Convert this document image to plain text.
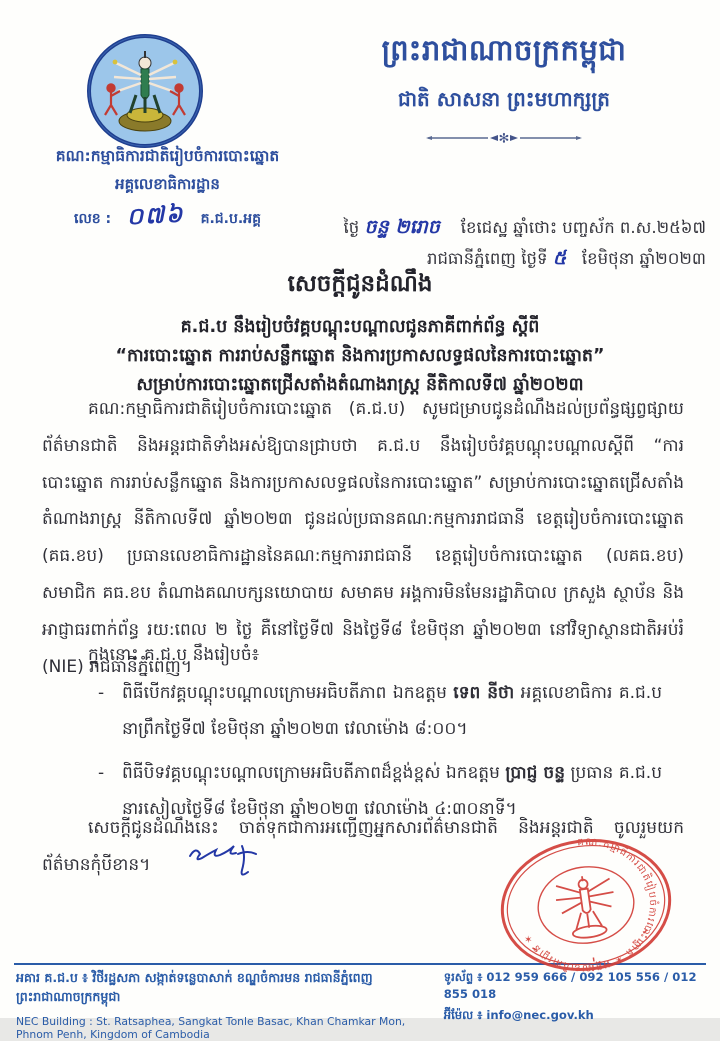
ព្រះរាជាណាចក្រកម្ពុជា
ជាតិ សាសនា ព្រះមហាក្សត្រ
✻
គណ:កម្មាធិការជាតិរៀបចំការបោះឆ្នោត
អគ្គលេខាធិការដ្ឋាន
លេខ : ០៧៦ គ.ជ.ប.អគ្គ	ថ្ងៃ ចន្ទ ២រោច ខែជេស្ឋ ឆ្នាំថោះ បញ្ចស័ក ព.ស.២៥៦៧
រាជធានីភ្នំពេញ ថ្ងៃទី ៥ ខែមិថុនា ឆ្នាំ២០២៣
សេចក្តីជូនដំណឹង
គ.ជ.ប នឹងរៀបចំវគ្គបណ្តុះបណ្តាលជូនភាគីពាក់ព័ន្ធ ស្តីពី
“ការបោះឆ្នោត ការរាប់សន្លឹកឆ្នោត និងការប្រកាសលទ្ធផលនៃការបោះឆ្នោត”
សម្រាប់ការបោះឆ្នោតជ្រើសតាំងតំណាងរាស្ត្រ នីតិកាលទី៧ ឆ្នាំ២០២៣
គណ:កម្មាធិការជាតិរៀបចំការបោះឆ្នោត (គ.ជ.ប) សូមជម្រាបជូនដំណឹងដល់ប្រព័ន្ធផ្សព្វផ្សាយព័ត៌មានជាតិ និងអន្តរជាតិទាំងអស់ឱ្យបានជ្រាបថា គ.ជ.ប នឹងរៀបចំវគ្គបណ្តុះបណ្តាលស្តីពី “ការបោះឆ្នោត ការរាប់សន្លឹកឆ្នោត និងការប្រកាសលទ្ធផលនៃការបោះឆ្នោត” សម្រាប់ការបោះឆ្នោតជ្រើសតាំងតំណាងរាស្ត្រ នីតិកាលទី៧ ឆ្នាំ២០២៣ ជូនដល់ប្រធានគណ:កម្មការរាជធានី ខេត្តរៀបចំការបោះឆ្នោត (គធ.ខប) ប្រធានលេខាធិការដ្ឋាននៃគណ:កម្មការរាជធានី ខេត្តរៀបចំការបោះឆ្នោត (លគធ.ខប) សមាជិក គធ.ខប តំណាងគណបក្សនយោបាយ សមាគម អង្គការមិនមែនរដ្ឋាភិបាល ក្រសួង ស្ថាប័ន និងអាជ្ញាធរពាក់ព័ន្ធ រយ:ពេល ២ ថ្ងៃ គឺនៅថ្ងៃទី៧ និងថ្ងៃទី៨ ខែមិថុនា ឆ្នាំ២០២៣ នៅវិទ្យាស្ថានជាតិអប់រំ (NIE) រាជធានីភ្នំពេញ។
ក្នុងនោះ គ.ជ.ប នឹងរៀបចំ៖
- ពិធីបើកវគ្គបណ្តុះបណ្តាលក្រោមអធិបតីភាព ឯកឧត្តម ទេព នីថា អគ្គលេខាធិការ គ.ជ.ប នាព្រឹកថ្ងៃទី៧ ខែមិថុនា ឆ្នាំ២០២៣ វេលាម៉ោង ៨:០០។
- ពិធីបិទវគ្គបណ្តុះបណ្តាលក្រោមអធិបតីភាពដ៏ខ្ពង់ខ្ពស់ ឯកឧត្តម ប្រាជ្ញ ចន្ទ ប្រធាន គ.ជ.ប នារសៀលថ្ងៃទី៨ ខែមិថុនា ឆ្នាំ២០២៣ វេលាម៉ោង ៤:៣០នាទី។
សេចក្តីជូនដំណឹងនេះ ចាត់ទុកជាការអញ្ជើញអ្នកសារព័ត៌មានជាតិ និងអន្តរជាតិ ចូលរួមយកព័ត៌មានកុំបីខាន។
គណ:កម្មាធិការជាតិរៀបចំការបោះឆ្នោត ✶ អគ្គលេខាធិការដ្ឋាន ✶
អគារ គ.ជ.ប ៖ វិថីរដ្ឋសភា សង្កាត់ទន្លេបាសាក់ ខណ្ឌចំការមន រាជធានីភ្នំពេញ ព្រះរាជាណាចក្រកម្ពុជា
NEC Building : St. Ratsaphea, Sangkat Tonle Basac, Khan Chamkar Mon, Phnom Penh, Kingdom of Cambodia
ទូរស័ព្ទ ៖ 012 959 666 / 092 105 556 / 012 855 018
អ៊ីម៉ែល ៖ info@nec.gov.kh
